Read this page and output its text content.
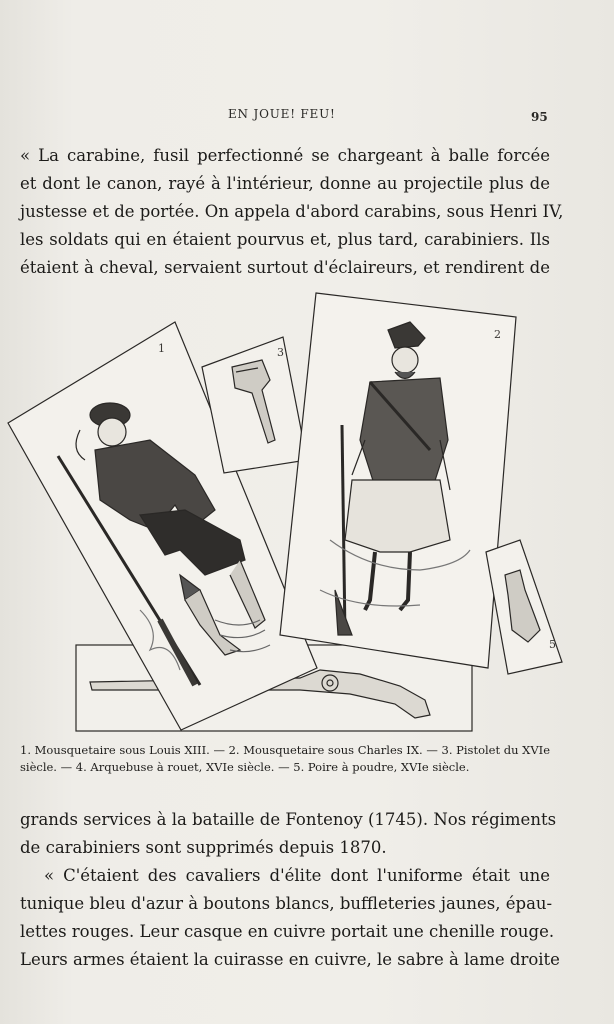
EN JOUE! FEU!	95
« La carabine, fusil perfectionné se chargeant à balle forcée
et dont le canon, rayé à l'intérieur, donne au projectile plus de
justesse et de portée. On appela d'abord carabins, sous Henri IV,
les soldats qui en étaient pourvus et, plus tard, carabiniers. Ils
étaient à cheval, servaient surtout d'éclaireurs, et rendirent de
1	3
2
5
1. Mousquetaire sous Louis XIII. — 2. Mousquetaire sous Charles IX. — 3. Pistolet du XVIe
siècle. — 4. Arquebuse à rouet, XVIe siècle. — 5. Poire à poudre, XVIe siècle.
grands services à la bataille de Fontenoy (1745). Nos régiments
de carabiniers sont supprimés depuis 1870.
« C'étaient des cavaliers d'élite dont l'uniforme était une
tunique bleu d'azur à boutons blancs, buffleteries jaunes, épau-
lettes rouges. Leur casque en cuivre portait une chenille rouge.
Leurs armes étaient la cuirasse en cuivre, le sabre à lame droite
